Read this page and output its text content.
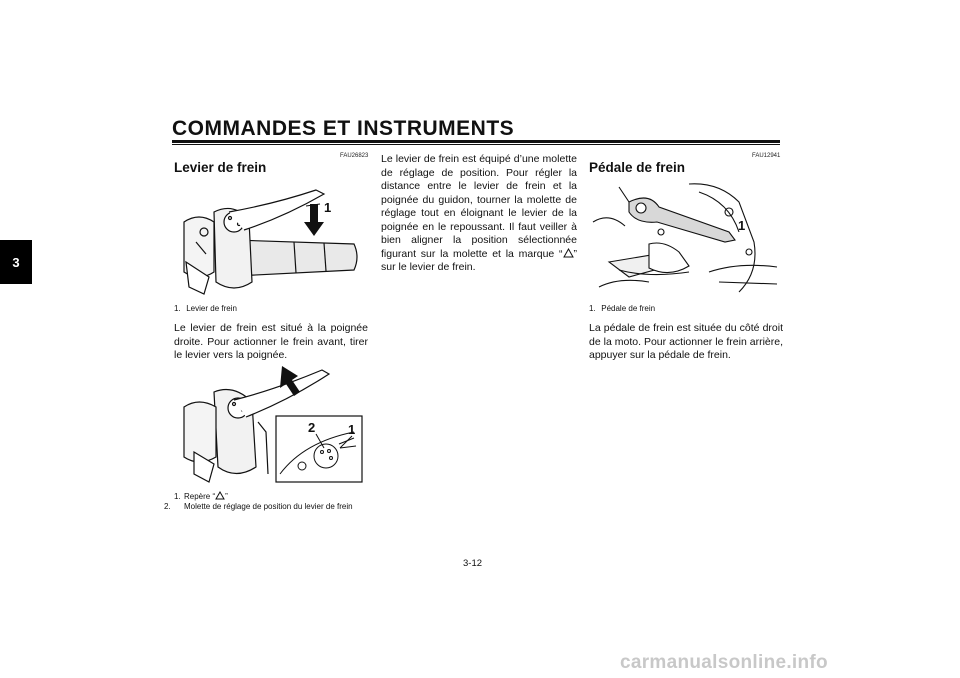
COMMANDES ET INSTRUMENTS
3
FAU26823
Levier de frein
1
1. Levier de frein
Le levier de frein est situé à la poignée droite. Pour actionner le frein avant, tirer le levier vers la poignée.
2	1
1. Repère “ ”
2. Molette de réglage de position du levier de frein
Le levier de frein est équipé d’une molette de réglage de position. Pour régler la distance entre le levier de frein et la poignée du guidon, tourner la molette de réglage tout en éloignant le levier de la poignée en le repoussant. Il faut veiller à bien aligner la position sélectionnée figurant sur la molette et la marque “ ” sur le levier de frein.
FAU12941
Pédale de frein
1
1. Pédale de frein
La pédale de frein est située du côté droit de la moto. Pour actionner le frein arrière, appuyer sur la pédale de frein.
3-12
carmanualsonline.info
